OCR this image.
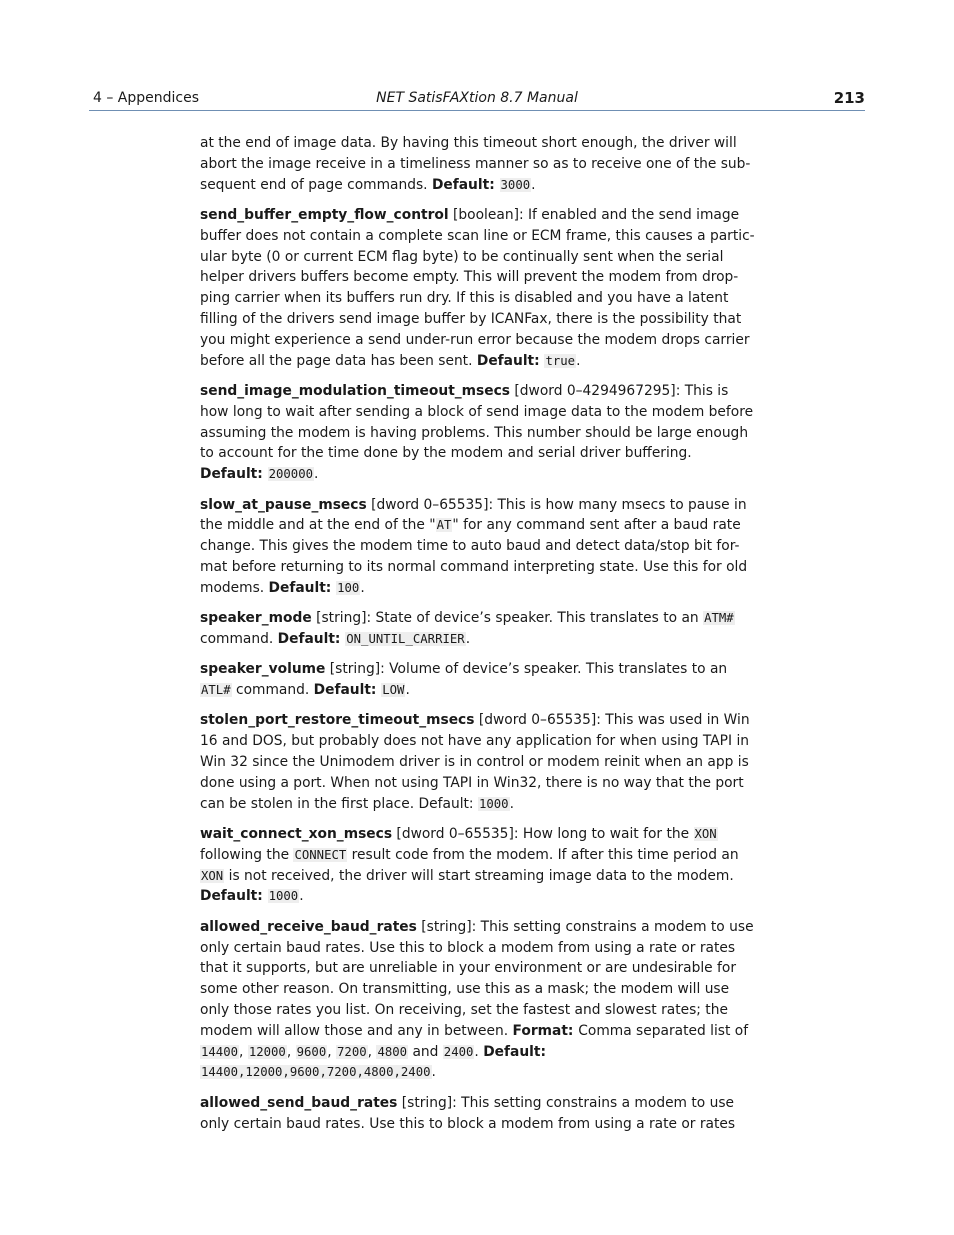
4 – Appendices	NET SatisFAXtion 8.7 Manual	213

at the end of image data. By having this timeout short enough, the driver will abort the image receive in a timeliness manner so as to receive one of the sub-sequent end of page commands. Default: 3000.

send_buffer_empty_flow_control [boolean]: If enabled and the send image buffer does not contain a complete scan line or ECM frame, this causes a partic-ular byte (0 or current ECM flag byte) to be continually sent when the serial helper drivers buffers become empty. This will prevent the modem from drop-ping carrier when its buffers run dry. If this is disabled and you have a latent filling of the drivers send image buffer by ICANFax, there is the possibility that you might experience a send under-run error because the modem drops carrier before all the page data has been sent. Default: true.

send_image_modulation_timeout_msecs [dword 0–4294967295]: This is how long to wait after sending a block of send image data to the modem before assuming the modem is having problems. This number should be large enough to account for the time done by the modem and serial driver buffering. Default: 200000.

slow_at_pause_msecs [dword 0–65535]: This is how many msecs to pause in the middle and at the end of the "AT" for any command sent after a baud rate change. This gives the modem time to auto baud and detect data/stop bit for-mat before returning to its normal command interpreting state. Use this for old modems. Default: 100.

speaker_mode [string]: State of device’s speaker. This translates to an ATM# command. Default: ON_UNTIL_CARRIER.

speaker_volume [string]: Volume of device’s speaker. This translates to an ATL# command. Default: LOW.

stolen_port_restore_timeout_msecs [dword 0–65535]: This was used in Win 16 and DOS, but probably does not have any application for when using TAPI in Win 32 since the Unimodem driver is in control or modem reinit when an app is done using a port. When not using TAPI in Win32, there is no way that the port can be stolen in the first place. Default: 1000.

wait_connect_xon_msecs [dword 0–65535]: How long to wait for the XON following the CONNECT result code from the modem. If after this time period an XON is not received, the driver will start streaming image data to the modem. Default: 1000.

allowed_receive_baud_rates [string]: This setting constrains a modem to use only certain baud rates. Use this to block a modem from using a rate or rates that it supports, but are unreliable in your environment or are undesirable for some other reason. On transmitting, use this as a mask; the modem will use only those rates you list. On receiving, set the fastest and slowest rates; the modem will allow those and any in between. Format: Comma separated list of 14400, 12000, 9600, 7200, 4800 and 2400. Default: 14400,12000,9600,7200,4800,2400.

allowed_send_baud_rates [string]: This setting constrains a modem to use only certain baud rates. Use this to block a modem from using a rate or rates
